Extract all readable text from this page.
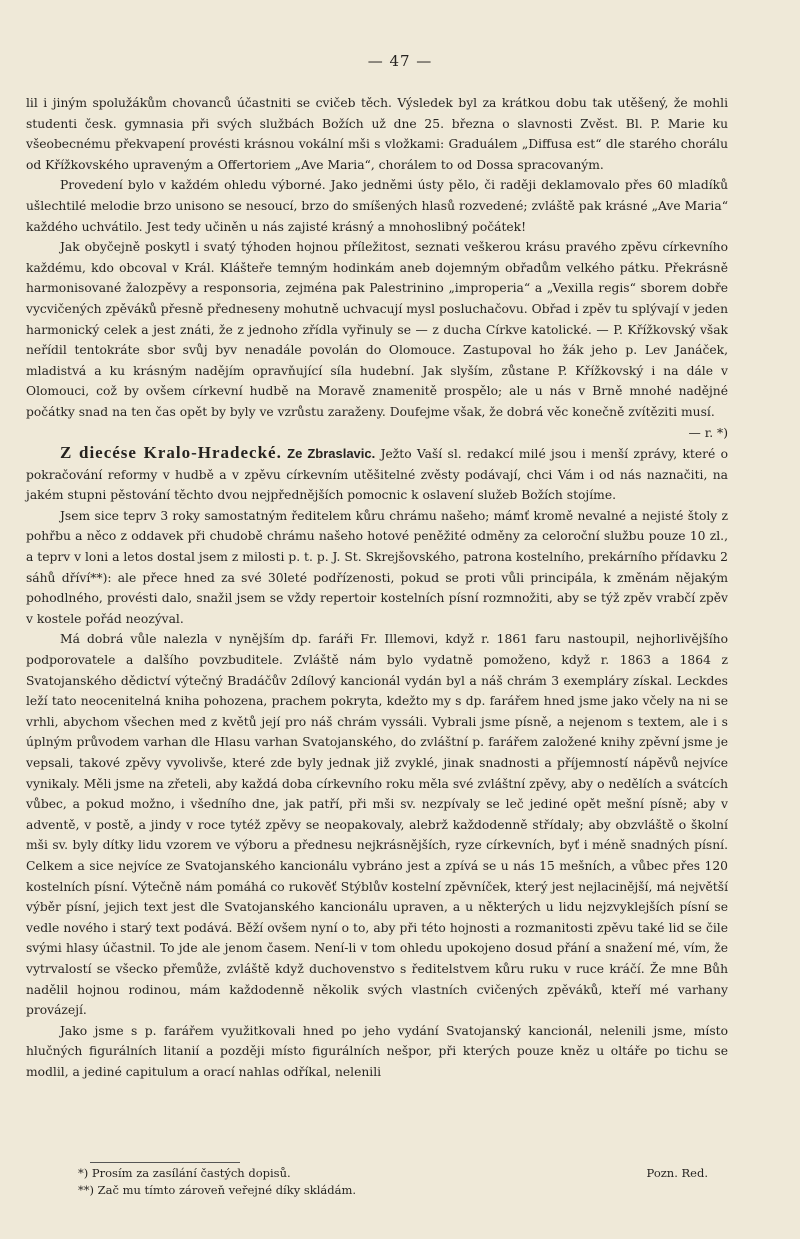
— 47 —

lil i jiným spolužákům chovanců účastniti se cvičeb těch. Výsledek byl za krátkou dobu tak utěšený, že mohli studenti česk. gymnasia při svých službách Božích už dne 25. března o slavnosti Zvěst. Bl. P. Marie ku všeobecnému překvapení provésti krásnou vokální mši s vložkami: Graduálem „Diffusa est“ dle starého chorálu od Křížkovského upraveným a Offertoriem „Ave Maria“, chorálem to od Dossa spracovaným.

Provedení bylo v každém ohledu výborné. Jako jedněmi ústy pělo, či raději deklamovalo přes 60 mladíků ušlechtilé melodie brzo unisono se nesoucí, brzo do smíšených hlasů rozvedené; zvláště pak krásné „Ave Maria“ každého uchvátilo. Jest tedy učiněn u nás zajisté krásný a mnohoslibný počátek!

Jak obyčejně poskytl i svatý týhoden hojnou příležitost, seznati veškerou krásu pravého zpěvu církevního každému, kdo obcoval v Král. Klášteře temným hodinkám aneb dojemným obřadům velkého pátku. Překrásně harmonisované žalozpěvy a responsoria, zejména pak Palestrinino „improperia“ a „Vexilla regis“ sborem dobře vycvičených zpěváků přesně předneseny mohutně uchvacují mysl posluchačovu. Obřad i zpěv tu splývají v jeden harmonický celek a jest znáti, že z jednoho zřídla vyřinuly se — z ducha Církve katolické. — P. Křížkovský však neřídil tentokráte sbor svůj byv nenadále povolán do Olomouce. Zastupoval ho žák jeho p. Lev Janáček, mladistvá a ku krásným nadějím opravňující síla hudební. Jak slyším, zůstane P. Křížkovský i na dále v Olomouci, což by ovšem církevní hudbě na Moravě znamenitě prospělo; ale u nás v Brně mnohé nadějné počátky snad na ten čas opět by byly ve vzrůstu zaraženy. Doufejme však, že dobrá věc konečně zvítěziti musí.

— r. *)

Z diecése Kralo-Hradecké. Ze Zbraslavic. Ježto Vaší sl. redakcí milé jsou i menší zprávy, které o pokračování reformy v hudbě a v zpěvu církevním utěšitelné zvěsty podávají, chci Vám i od nás naznačiti, na jakém stupni pěstování těchto dvou nejpřednějších pomocnic k oslavení služeb Božích stojíme.

Jsem sice teprv 3 roky samostatným ředitelem kůru chrámu našeho; mámť kromě nevalné a nejisté štoly z pohřbu a něco z oddavek při chudobě chrámu našeho hotové peněžité odměny za celoroční službu pouze 10 zl., a teprv v loni a letos dostal jsem z milosti p. t. p. J. St. Skrejšovského, patrona kostelního, prekárního přídavku 2 sáhů dříví**): ale přece hned za své 30leté podřízenosti, pokud se proti vůli principála, k změnám nějakým pohodlného, provésti dalo, snažil jsem se vždy repertoir kostelních písní rozmnožiti, aby se týž zpěv vrabčí zpěv v kostele pořád neozýval.

Má dobrá vůle nalezla v nynějším dp. faráři Fr. Illemovi, když r. 1861 faru nastoupil, nejhorlivějšího podporovatele a dalšího povzbuditele. Zvláště nám bylo vydatně pomoženo, když r. 1863 a 1864 z Svatojanského dědictví výtečný Bradáčův 2dílový kancionál vydán byl a náš chrám 3 exempláry získal. Leckdes leží tato neocenitelná kniha pohozena, prachem pokryta, kdežto my s dp. farářem hned jsme jako včely na ni se vrhli, abychom všechen med z květů její pro náš chrám vyssáli. Vybrali jsme písně, a nejenom s textem, ale i s úplným průvodem varhan dle Hlasu varhan Svatojanského, do zvláštní p. farářem založené knihy zpěvní jsme je vepsali, takové zpěvy vyvolivše, které zde byly jednak již zvyklé, jinak snadnosti a příjemností nápěvů nejvíce vynikaly. Měli jsme na zřeteli, aby každá doba církevního roku měla své zvláštní zpěvy, aby o nedělích a svátcích vůbec, a pokud možno, i všedního dne, jak patří, při mši sv. nezpívaly se leč jediné opět mešní písně; aby v adventě, v postě, a jindy v roce tytéž zpěvy se neopakovaly, alebrž každodenně střídaly; aby obzvláště o školní mši sv. byly dítky lidu vzorem ve výboru a přednesu nejkrásnějších, ryze církevních, byť i méně snadných písní. Celkem a sice nejvíce ze Svatojanského kancionálu vybráno jest a zpívá se u nás 15 mešních, a vůbec přes 120 kostelních písní. Výtečně nám pomáhá co rukověť Stýblův kostelní zpěvníček, který jest nejlacinější, má největší výběr písní, jejich text jest dle Svatojanského kancionálu upraven, a u některých u lidu nejzvyklejších písní se vedle nového i starý text podává. Běží ovšem nyní o to, aby při této hojnosti a rozmanitosti zpěvu také lid se čile svými hlasy účastnil. To jde ale jenom časem. Není-li v tom ohledu upokojeno dosud přání a snažení mé, vím, že vytrvalostí se všecko přemůže, zvláště když duchovenstvo s ředitelstvem kůru ruku v ruce kráčí. Že mne Bůh nadělil hojnou rodinou, mám každodenně několik svých vlastních cvičených zpěváků, kteří mé varhany provázejí.

Jako jsme s p. farářem využitkovali hned po jeho vydání Svatojanský kancionál, nelenili jsme, místo hlučných figurálních litanií a později místo figurálních nešpor, při kterých pouze kněz u oltáře po tichu se modlil, a jediné capitulum a orací nahlas odříkal, nelenili

*) Prosím za zasílání častých dopisů.	Pozn. Red.
**) Zač mu tímto zároveň veřejné díky skládám.
